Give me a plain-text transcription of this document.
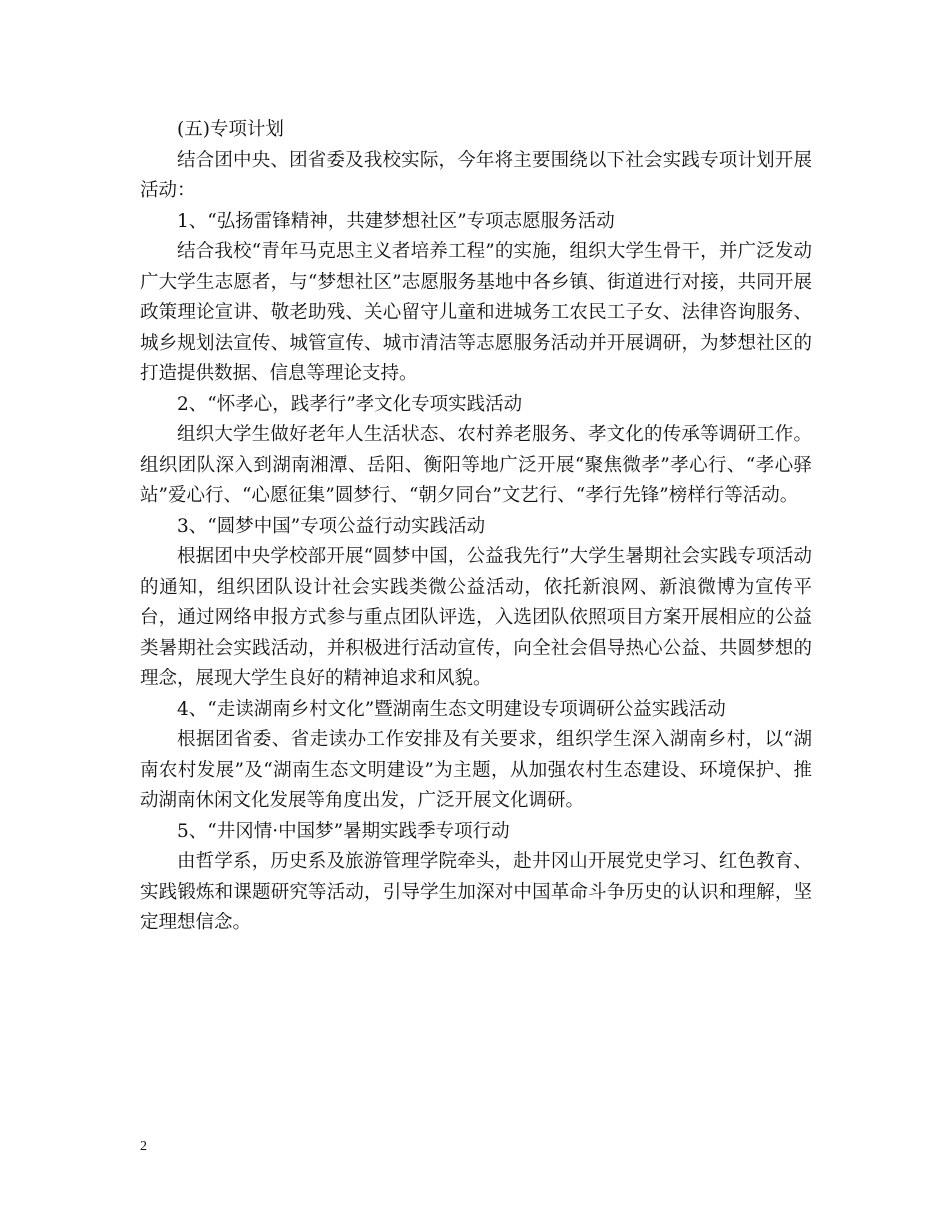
(五)专项计划

结合团中央、团省委及我校实际，今年将主要围绕以下社会实践专项计划开展活动：

1、“弘扬雷锋精神，共建梦想社区”专项志愿服务活动

结合我校“青年马克思主义者培养工程”的实施，组织大学生骨干，并广泛发动广大学生志愿者，与“梦想社区”志愿服务基地中各乡镇、街道进行对接，共同开展政策理论宣讲、敬老助残、关心留守儿童和进城务工农民工子女、法律咨询服务、城乡规划法宣传、城管宣传、城市清洁等志愿服务活动并开展调研，为梦想社区的打造提供数据、信息等理论支持。

2、“怀孝心，践孝行”孝文化专项实践活动

组织大学生做好老年人生活状态、农村养老服务、孝文化的传承等调研工作。组织团队深入到湖南湘潭、岳阳、衡阳等地广泛开展“聚焦微孝”孝心行、“孝心驿站”爱心行、“心愿征集”圆梦行、“朝夕同台”文艺行、“孝行先锋”榜样行等活动。

3、“圆梦中国”专项公益行动实践活动

根据团中央学校部开展“圆梦中国，公益我先行”大学生暑期社会实践专项活动的通知，组织团队设计社会实践类微公益活动，依托新浪网、新浪微博为宣传平台，通过网络申报方式参与重点团队评选，入选团队依照项目方案开展相应的公益类暑期社会实践活动，并积极进行活动宣传，向全社会倡导热心公益、共圆梦想的理念，展现大学生良好的精神追求和风貌。

4、“走读湖南乡村文化”暨湖南生态文明建设专项调研公益实践活动

根据团省委、省走读办工作安排及有关要求，组织学生深入湖南乡村，以“湖南农村发展”及“湖南生态文明建设”为主题，从加强农村生态建设、环境保护、推动湖南休闲文化发展等角度出发，广泛开展文化调研。

5、“井冈情·中国梦”暑期实践季专项行动

由哲学系，历史系及旅游管理学院牵头，赴井冈山开展党史学习、红色教育、实践锻炼和课题研究等活动，引导学生加深对中国革命斗争历史的认识和理解，坚定理想信念。

2
